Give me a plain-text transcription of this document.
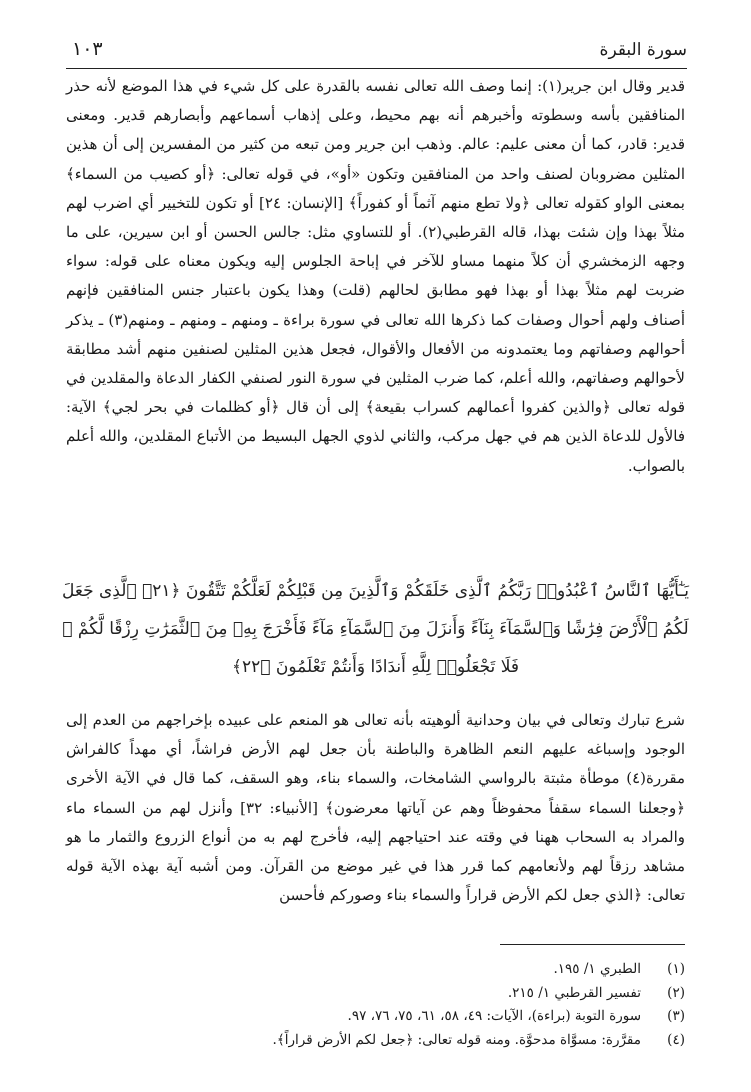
سورة البقرة
١٠٣

قدير وقال ابن جرير(١): إنما وصف الله تعالى نفسه بالقدرة على كل شيء في هذا الموضع لأنه حذر المنافقين بأسه وسطوته وأخبرهم أنه بهم محيط، وعلى إذهاب أسماعهم وأبصارهم قدير. ومعنى قدير: قادر، كما أن معنى عليم: عالم. وذهب ابن جرير ومن تبعه من كثير من المفسرين إلى أن هذين المثلين مضروبان لصنف واحد من المنافقين وتكون «أو»، في قوله تعالى: ﴿أو كصيب من السماء﴾ بمعنى الواو كقوله تعالى ﴿ولا تطع منهم آثماً أو كفوراً﴾ [الإنسان: ٢٤] أو تكون للتخيير أي اضرب لهم مثلاً بهذا وإن شئت بهذا، قاله القرطبي(٢). أو للتساوي مثل: جالس الحسن أو ابن سيرين، على ما وجهه الزمخشري أن كلاً منهما مساو للآخر في إباحة الجلوس إليه ويكون معناه على قوله: سواء ضربت لهم مثلاً بهذا أو بهذا فهو مطابق لحالهم (قلت) وهذا يكون باعتبار جنس المنافقين فإنهم أصناف ولهم أحوال وصفات كما ذكرها الله تعالى في سورة براءة ـ ومنهم ـ ومنهم ـ ومنهم(٣) ـ يذكر أحوالهم وصفاتهم وما يعتمدونه من الأفعال والأقوال، فجعل هذين المثلين لصنفين منهم أشد مطابقة لأحوالهم وصفاتهم، والله أعلم، كما ضرب المثلين في سورة النور لصنفي الكفار الدعاة والمقلدين في قوله تعالى ﴿والذين كفروا أعمالهم كسراب بقيعة﴾ إلى أن قال ﴿أو كظلمات في بحر لجي﴾ الآية: فالأول للدعاة الذين هم في جهل مركب، والثاني لذوي الجهل البسيط من الأتباع المقلدين، والله أعلم بالصواب.

يَـٰٓأَيُّهَا ٱلنَّاسُ ٱعْبُدُوا۟ رَبَّكُمُ ٱلَّذِى خَلَقَكُمْ وَٱلَّذِينَ مِن قَبْلِكُمْ لَعَلَّكُمْ تَتَّقُونَ ﴿٢١﴾ ٱلَّذِى جَعَلَ لَكُمُ ٱلْأَرْضَ فِرَٰشًا وَٱلسَّمَآءَ بِنَآءً وَأَنزَلَ مِنَ ٱلسَّمَآءِ مَآءً فَأَخْرَجَ بِهِۦ مِنَ ٱلثَّمَرَٰتِ رِزْقًا لَّكُمْ ۖ فَلَا تَجْعَلُوا۟ لِلَّهِ أَندَادًا وَأَنتُمْ تَعْلَمُونَ ﴿٢٢﴾

شرع تبارك وتعالى في بيان وحدانية ألوهيته بأنه تعالى هو المنعم على عبيده بإخراجهم من العدم إلى الوجود وإسباغه عليهم النعم الظاهرة والباطنة بأن جعل لهم الأرض فراشاً، أي مهداً كالفراش مقررة(٤) موطأة مثبتة بالرواسي الشامخات، والسماء بناء، وهو السقف، كما قال في الآية الأخرى ﴿وجعلنا السماء سقفاً محفوظاً وهم عن آياتها معرضون﴾ [الأنبياء: ٣٢] وأنزل لهم من السماء ماء والمراد به السحاب ههنا في وقته عند احتياجهم إليه، فأخرج لهم به من أنواع الزروع والثمار ما هو مشاهد رزقاً لهم ولأنعامهم كما قرر هذا في غير موضع من القرآن. ومن أشبه آية بهذه الآية قوله تعالى: ﴿الذي جعل لكم الأرض قراراً والسماء بناء وصوركم فأحسن

(١)
الطبري ١/ ١٩٥.
(٢)
تفسير القرطبي ١/ ٢١٥.
(٣)
سورة التوبة (براءة)، الآيات: ٤٩، ٥٨، ٦١، ٧٥، ٧٦، ٩٧.
(٤)
مقرَّرة: مسوَّاة مدحوَّة. ومنه قوله تعالى: ﴿جعل لكم الأرض قراراً﴾.
